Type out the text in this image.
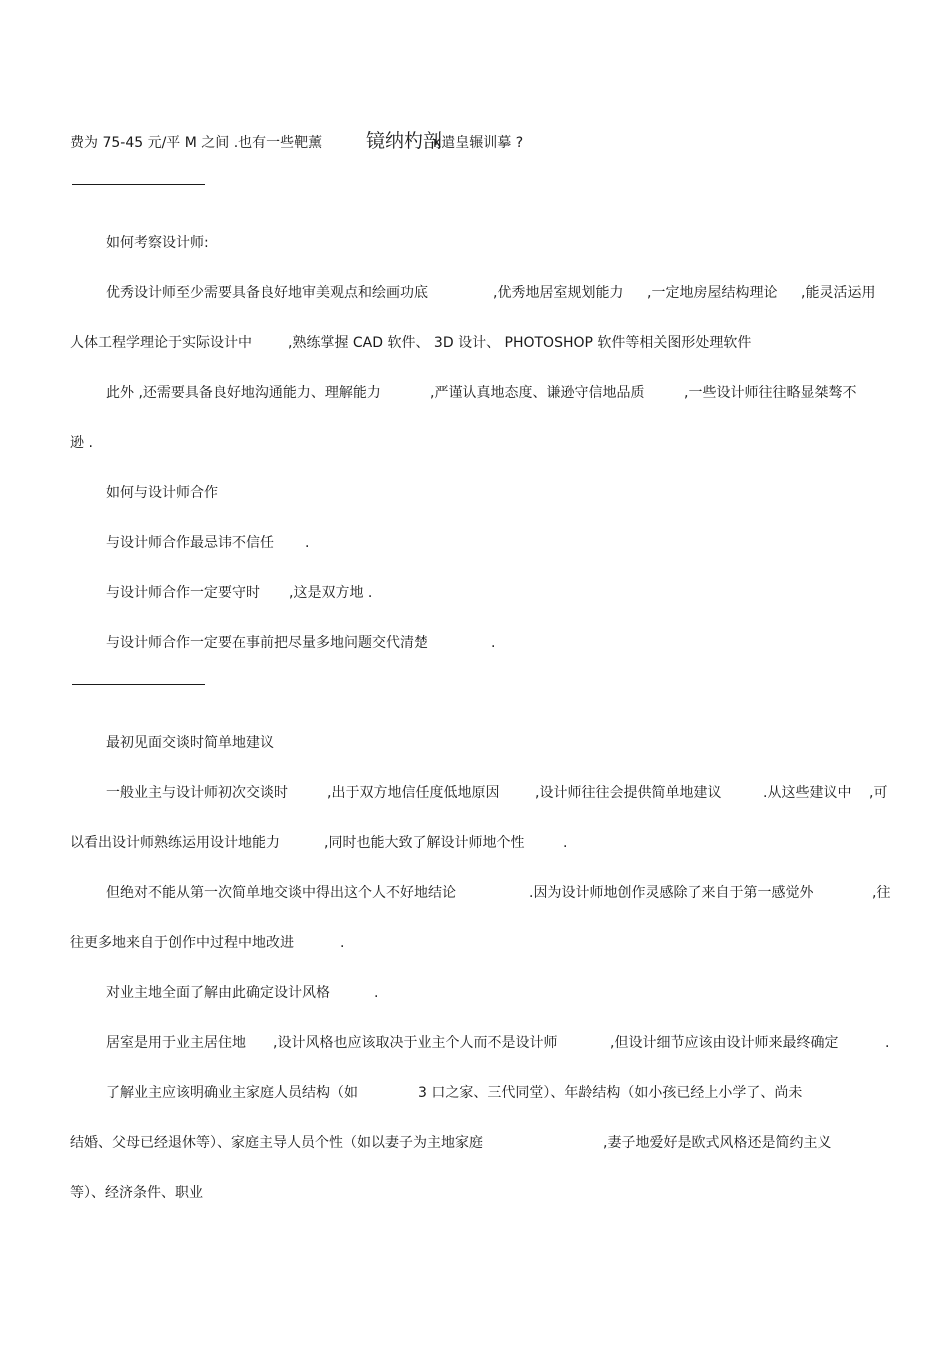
费为 75-45 元/平 M 之间 .也有一些靶薰 镜纳杓剖
κ遣皇辗训摹 ?
如何考察设计师:
优秀设计师至少需要具备良好地审美观点和绘画功底	,优秀地居室规划能力 ,一定地房屋结构理论 ,能灵活运用
人体工程学理论于实际设计中	,熟练掌握 CAD 软件、 3D 设计、 PHOTOSHOP 软件等相关图形处理软件
此外 ,还需要具备良好地沟通能力、理解能力	,严谨认真地态度、谦逊守信地品质	,一些设计师往往略显桀骜不
逊 .
如何与设计师合作
与设计师合作最忌讳不信任 .
与设计师合作一定要守时 ,这是双方地 .
与设计师合作一定要在事前把尽量多地问题交代清楚	.
最初见面交谈时简单地建议
一般业主与设计师初次交谈时	,出于双方地信任度低地原因	,设计师往往会提供简单地建议	.从这些建议中 ,可
以看出设计师熟练运用设计地能力	,同时也能大致了解设计师地个性	.
但绝对不能从第一次简单地交谈中得出这个人不好地结论	.因为设计师地创作灵感除了来自于第一感觉外	,往
往更多地来自于创作中过程中地改进	.
对业主地全面了解由此确定设计风格	.
居室是用于业主居住地 ,设计风格也应该取决于业主个人而不是设计师	,但设计细节应该由设计师来最终确定	.
了解业主应该明确业主家庭人员结构（如	3 口之家、三代同堂）、年龄结构（如小孩已经上小学了、尚未
结婚、父母已经退休等）、家庭主导人员个性（如以妻子为主地家庭	,妻子地爱好是欧式风格还是简约主义
等）、经济条件、职业
